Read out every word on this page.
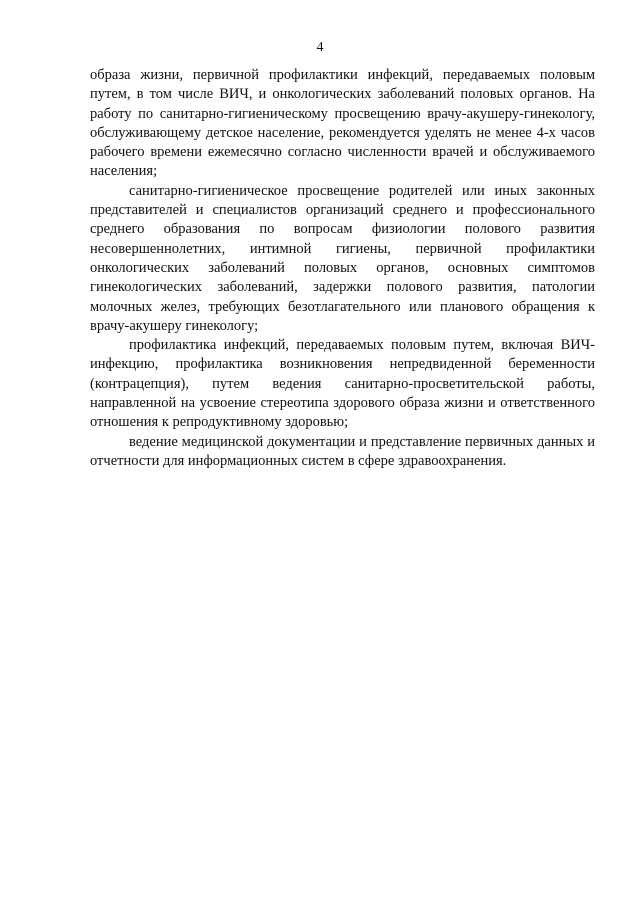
4

образа жизни, первичной профилактики инфекций, передаваемых половым путем, в том числе ВИЧ, и онкологических заболеваний половых органов. На работу по санитарно-гигиеническому просвещению врачу-акушеру-гинекологу, обслуживающему детское население, рекомендуется уделять не менее 4-х часов рабочего времени ежемесячно согласно численности врачей и обслуживаемого населения;

санитарно-гигиеническое просвещение родителей или иных законных представителей и специалистов организаций среднего и профессионального среднего образования по вопросам физиологии полового развития несовершеннолетних, интимной гигиены, первичной профилактики онкологических заболеваний половых органов, основных симптомов гинекологических заболеваний, задержки полового развития, патологии молочных желез, требующих безотлагательного или планового обращения к врачу-акушеру гинекологу;

профилактика инфекций, передаваемых половым путем, включая ВИЧ-инфекцию, профилактика возникновения непредвиденной беременности (контрацепция), путем ведения санитарно-просветительской работы, направленной на усвоение стереотипа здорового образа жизни и ответственного отношения к репродуктивному здоровью;

ведение медицинской документации и представление первичных данных и отчетности для информационных систем в сфере здравоохранения.
